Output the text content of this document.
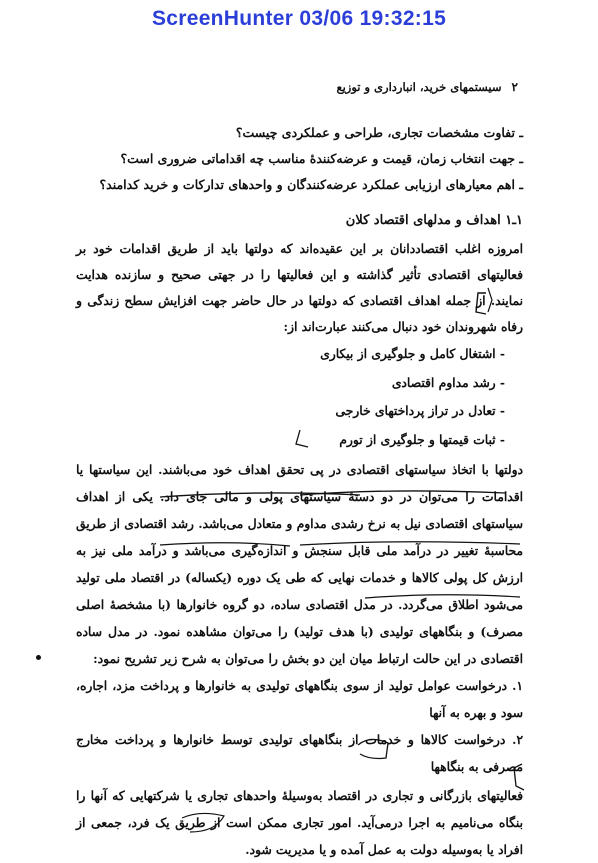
ScreenHunter 03/06 19:32:15
۲
سیستمهای خرید، انبارداری و توزیع
ـ تفاوت مشخصات تجاری، طراحی و عملکردی چیست؟
ـ جهت انتخاب زمان، قیمت و عرضه‌کنندهٔ مناسب چه اقداماتی ضروری است؟
ـ اهم معیارهای ارزیابی عملکرد عرضه‌کنندگان و واحدهای تدارکات و خرید کدامند؟
۱ـ۱ اهداف و مدلهای اقتصاد کلان
امروزه اغلب اقتصاددانان بر این عقیده‌اند که دولتها باید از طریق اقدامات خود بر فعالیتهای اقتصادی تأثیر گذاشته و این فعالیتها را در جهتی صحیح و سازنده هدایت نمایند. از جمله اهداف اقتصادی که دولتها در حال حاضر جهت افزایش سطح زندگی و رفاه شهروندان خود دنبال می‌کنند عبارت‌اند از:
- اشتغال کامل و جلوگیری از بیکاری
- رشد مداوم اقتصادی
- تعادل در تراز پرداختهای خارجی
- ثبات قیمتها و جلوگیری از تورم
دولتها با اتخاذ سیاستهای اقتصادی در پی تحقق اهداف خود می‌باشند. این سیاستها یا اقدامات را می‌توان در دو دستهٔ سیاستهای پولی و مالی جای داد. یکی از اهداف سیاستهای اقتصادی نیل به نرخ رشدی مداوم و متعادل می‌باشد. رشد اقتصادی از طریق محاسبهٔ تغییر در درآمد ملی قابل سنجش و اندازه‌گیری می‌باشد و درآمد ملی نیز به ارزش کل پولی کالاها و خدمات نهایی که طی یک دوره (یکساله) در اقتصاد ملی تولید می‌شود اطلاق می‌گردد. در مدل اقتصادی ساده، دو گروه خانوارها (با مشخصهٔ اصلی مصرف) و بنگاههای تولیدی (با هدف تولید) را می‌توان مشاهده نمود. در مدل ساده اقتصادی در این حالت ارتباط میان این دو بخش را می‌توان به شرح زیر تشریح نمود:
۱. درخواست عوامل تولید از سوی بنگاههای تولیدی به خانوارها و پرداخت مزد، اجاره، سود و بهره به آنها
۲. درخواست کالاها و خدمات از بنگاههای تولیدی توسط خانوارها و پرداخت مخارج مصرفی به بنگاهها
فعالیتهای بازرگانی و تجاری در اقتصاد به‌وسیلهٔ واحدهای تجاری یا شرکتهایی که آنها را بنگاه می‌نامیم به اجرا درمی‌آید. امور تجاری ممکن است از طریق یک فرد، جمعی از افراد یا به‌وسیله دولت به عمل آمده و یا مدیریت شود.
